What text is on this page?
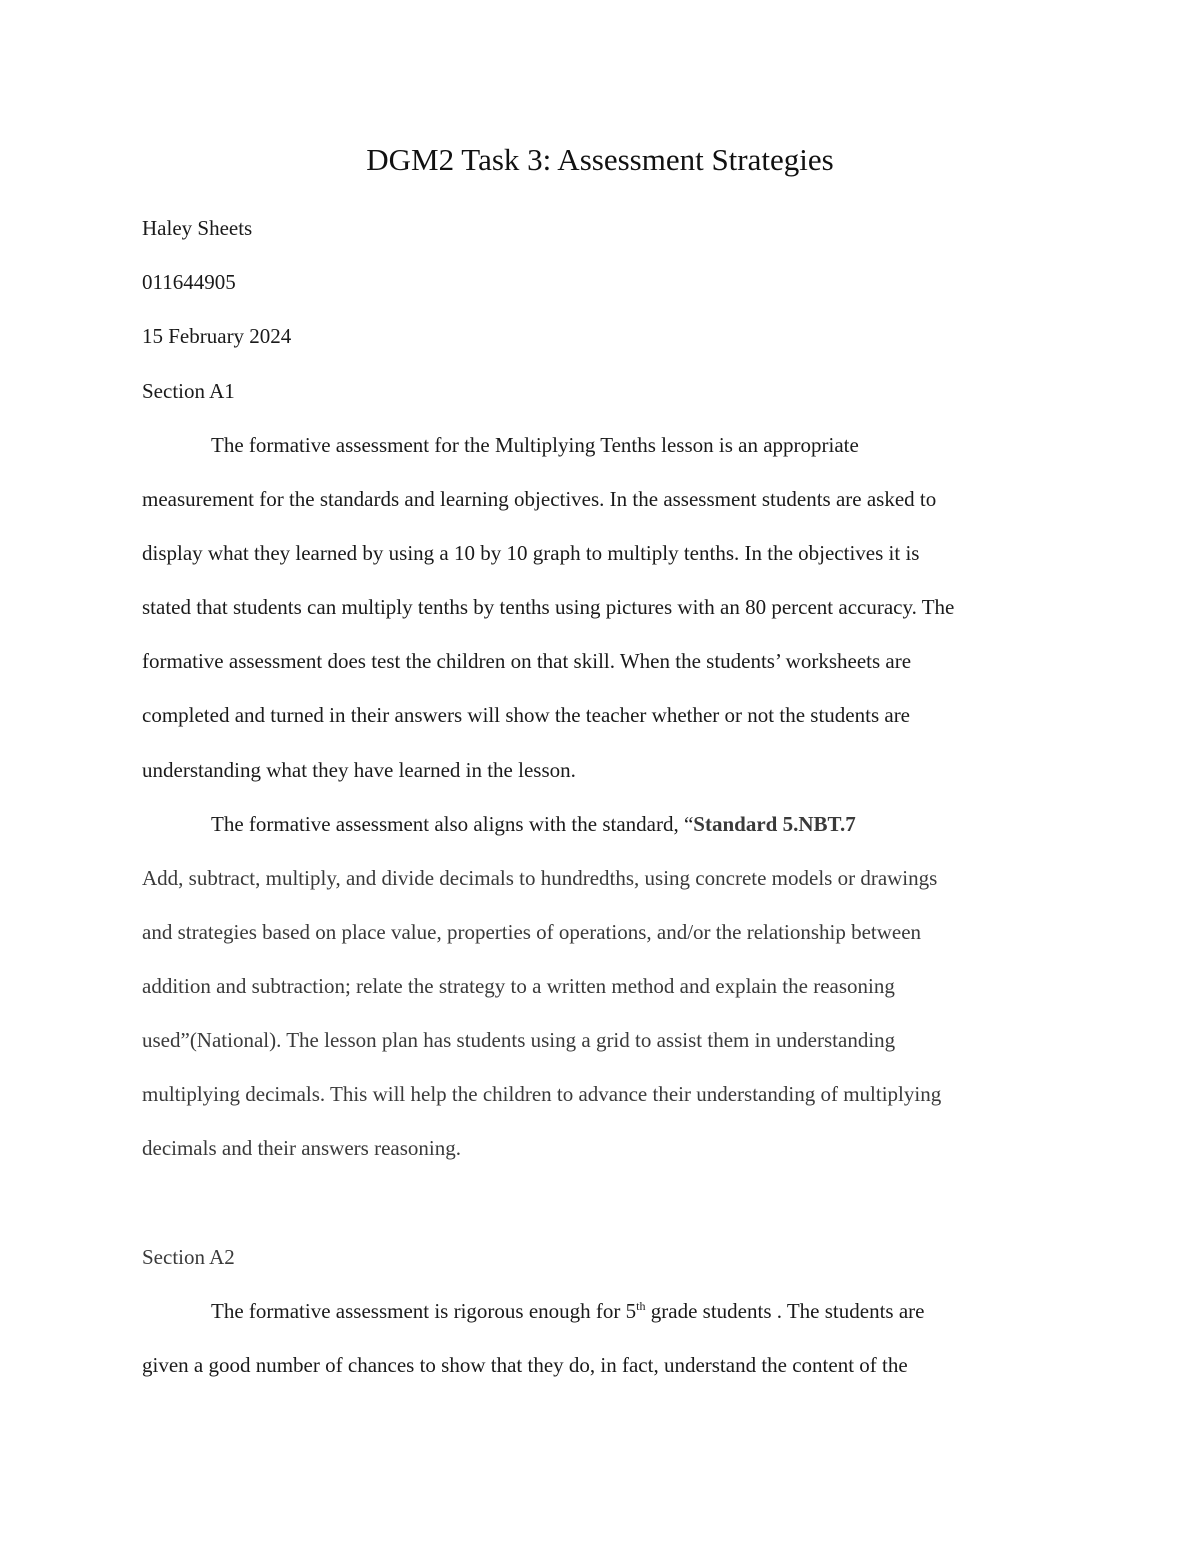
DGM2 Task 3: Assessment Strategies
Haley Sheets
011644905
15 February 2024
Section A1
The formative assessment for the Multiplying Tenths lesson is an appropriate
measurement for the standards and learning objectives. In the assessment students are asked to
display what they learned by using a 10 by 10 graph to multiply tenths. In the objectives it is
stated that students can multiply tenths by tenths using pictures with an 80 percent accuracy. The
formative assessment does test the children on that skill. When the students’ worksheets are
completed and turned in their answers will show the teacher whether or not the students are
understanding what they have learned in the lesson.
The formative assessment also aligns with the standard, “Standard 5.NBT.7
Add, subtract, multiply, and divide decimals to hundredths, using concrete models or drawings
and strategies based on place value, properties of operations, and/or the relationship between
addition and subtraction; relate the strategy to a written method and explain the reasoning
used”(National). The lesson plan has students using a grid to assist them in understanding
multiplying decimals. This will help the children to advance their understanding of multiplying
decimals and their answers reasoning.
Section A2
The formative assessment is rigorous enough for 5th grade students . The students are
given a good number of chances to show that they do, in fact, understand the content of the
